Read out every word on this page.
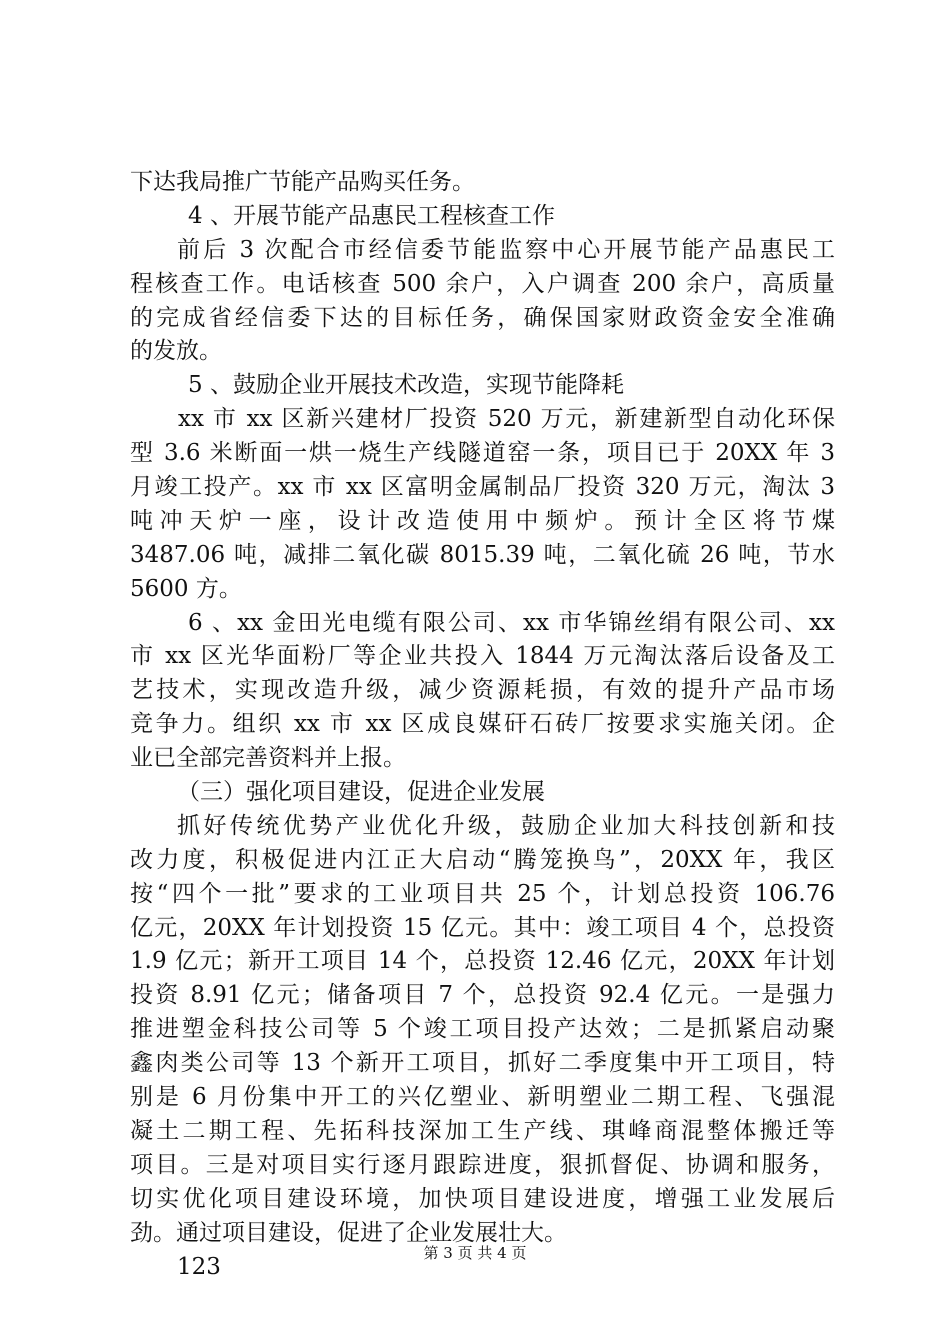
下达我局推广节能产品购买任务。
4 、开展节能产品惠民工程核查工作
前后 3 次配合市经信委节能监察中心开展节能产品惠民工
程核查工作。电话核查 500 余户，入户调查 200 余户，高质量
的完成省经信委下达的目标任务，确保国家财政资金安全准确
的发放。
5 、鼓励企业开展技术改造，实现节能降耗
xx 市 xx 区新兴建材厂投资 520 万元，新建新型自动化环保
型 3.6 米断面一烘一烧生产线隧道窑一条，项目已于 20XX 年 3
月竣工投产。xx 市 xx 区富明金属制品厂投资 320 万元，淘汰 3
吨冲天炉一座，设计改造使用中频炉。预计全区将节煤
3487.06 吨，减排二氧化碳 8015.39 吨，二氧化硫 26 吨，节水
5600 方。
6 、xx 金田光电缆有限公司、xx 市华锦丝绢有限公司、xx
市 xx 区光华面粉厂等企业共投入 1844 万元淘汰落后设备及工
艺技术，实现改造升级，减少资源耗损，有效的提升产品市场
竞争力。组织 xx 市 xx 区成良媒矸石砖厂按要求实施关闭。企
业已全部完善资料并上报。
（三）强化项目建设，促进企业发展
抓好传统优势产业优化升级，鼓励企业加大科技创新和技
改力度，积极促进内江正大启动“腾笼换鸟”，20XX 年，我区
按“四个一批”要求的工业项目共 25 个，计划总投资 106.76
亿元，20XX 年计划投资 15 亿元。其中：竣工项目 4 个，总投资
1.9 亿元；新开工项目 14 个，总投资 12.46 亿元，20XX 年计划
投资 8.91 亿元；储备项目 7 个，总投资 92.4 亿元。一是强力
推进塑金科技公司等 5 个竣工项目投产达效；二是抓紧启动聚
鑫肉类公司等 13 个新开工项目，抓好二季度集中开工项目，特
别是 6 月份集中开工的兴亿塑业、新明塑业二期工程、飞强混
凝土二期工程、先拓科技深加工生产线、琪峰商混整体搬迁等
项目。三是对项目实行逐月跟踪进度，狠抓督促、协调和服务，
切实优化项目建设环境，加快项目建设进度，增强工业发展后
劲。通过项目建设，促进了企业发展壮大。
123
第 3 页 共 4 页
